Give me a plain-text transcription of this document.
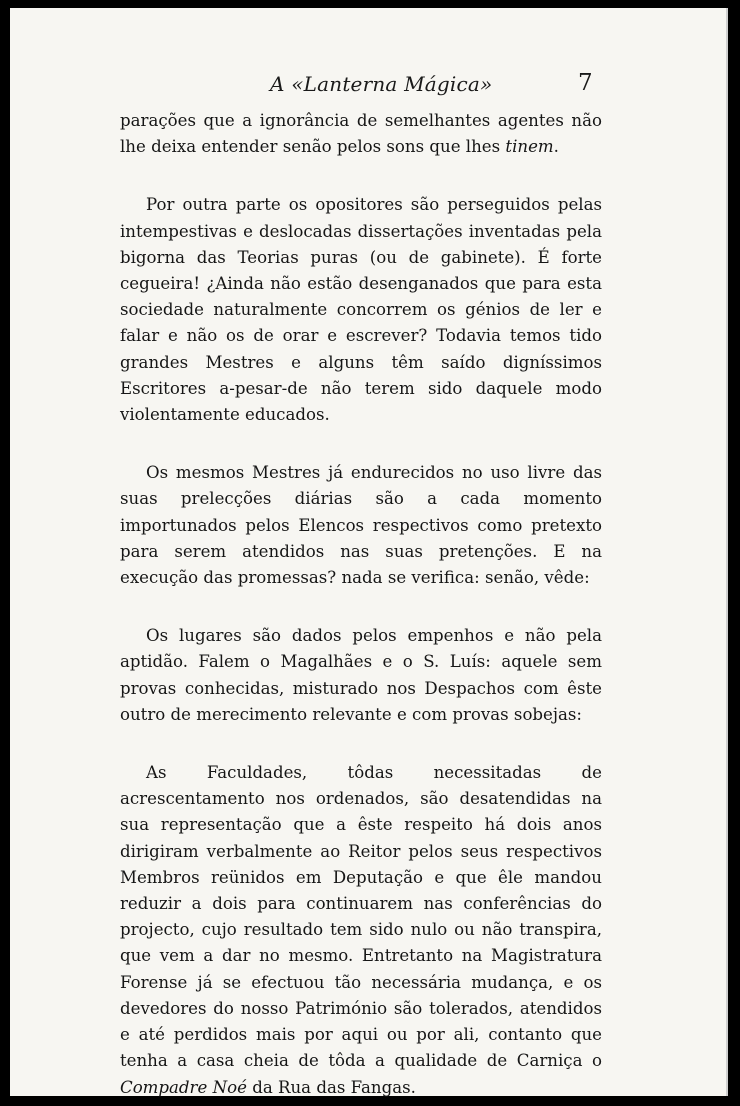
A «Lanterna Mágica»	7

parações que a ignorância de semelhantes agentes não lhe deixa entender senão pelos sons que lhes tinem.

Por outra parte os opositores são perseguidos pelas intempestivas e deslocadas dissertações inventadas pela bigorna das Teorias puras (ou de gabinete). É forte cegueira! ¿Ainda não estão desenganados que para esta sociedade naturalmente concorrem os génios de ler e falar e não os de orar e escrever? Todavia temos tido grandes Mestres e alguns têm saído digníssimos Escritores a-pesar-de não terem sido daquele modo violentamente educados.

Os mesmos Mestres já endurecidos no uso livre das suas prelecções diárias são a cada momento importunados pelos Elencos respectivos como pretexto para serem atendidos nas suas pretenções. E na execução das promessas? nada se verifica: senão, vêde:

Os lugares são dados pelos empenhos e não pela aptidão. Falem o Magalhães e o S. Luís: aquele sem provas conhecidas, misturado nos Despachos com êste outro de merecimento relevante e com provas sobejas:

As Faculdades, tôdas necessitadas de acrescentamento nos ordenados, são desatendidas na sua representação que a êste respeito há dois anos dirigiram verbalmente ao Reitor pelos seus respectivos Membros reünidos em Deputação e que êle mandou reduzir a dois para continuarem nas conferências do projecto, cujo resultado tem sido nulo ou não transpira, que vem a dar no mesmo. Entretanto na Magistratura Forense já se efectuou tão necessária mudança, e os devedores do nosso Património são tolerados, atendidos e até perdidos mais por aqui ou por ali, contanto que tenha a casa cheia de tôda a qualidade de Carniça o Compadre Noé da Rua das Fangas.
